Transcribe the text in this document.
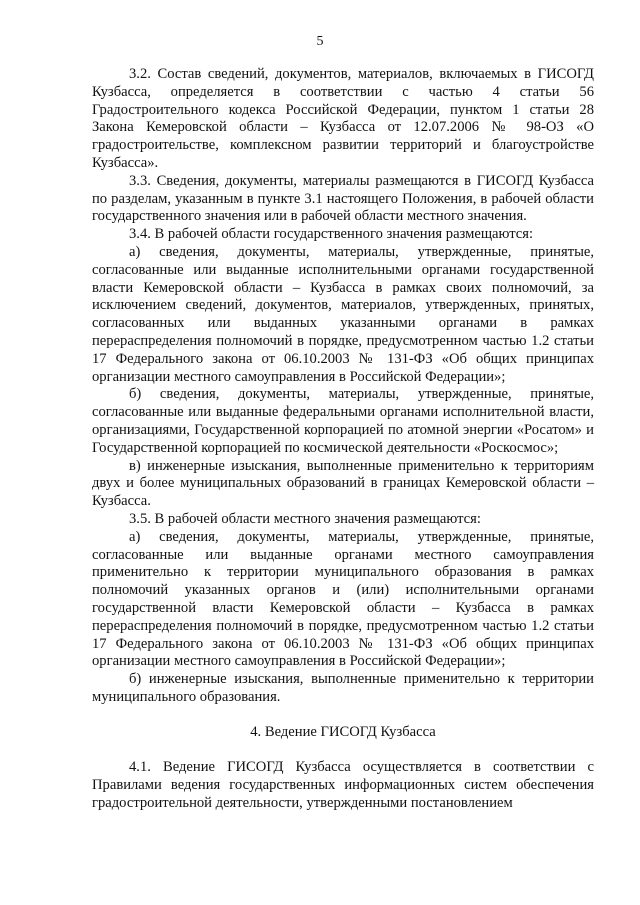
5

3.2. Состав сведений, документов, материалов, включаемых в ГИСОГД Кузбасса, определяется в соответствии с частью 4 статьи 56 Градостроительного кодекса Российской Федерации, пунктом 1 статьи 28 Закона Кемеровской области – Кузбасса от 12.07.2006 № 98-ОЗ «О градостроительстве, комплексном развитии территорий и благоустройстве Кузбасса».

3.3. Сведения, документы, материалы размещаются в ГИСОГД Кузбасса по разделам, указанным в пункте 3.1 настоящего Положения, в рабочей области государственного значения или в рабочей области местного значения.

3.4. В рабочей области государственного значения размещаются:

а) сведения, документы, материалы, утвержденные, принятые, согласованные или выданные исполнительными органами государственной власти Кемеровской области – Кузбасса в рамках своих полномочий, за исключением сведений, документов, материалов, утвержденных, принятых, согласованных или выданных указанными органами в рамках перераспределения полномочий в порядке, предусмотренном частью 1.2 статьи 17 Федерального закона от 06.10.2003 № 131-ФЗ «Об общих принципах организации местного самоуправления в Российской Федерации»;

б) сведения, документы, материалы, утвержденные, принятые, согласованные или выданные федеральными органами исполнительной власти, организациями, Государственной корпорацией по атомной энергии «Росатом» и Государственной корпорацией по космической деятельности «Роскосмос»;

в) инженерные изыскания, выполненные применительно к территориям двух и более муниципальных образований в границах Кемеровской области – Кузбасса.

3.5. В рабочей области местного значения размещаются:

а) сведения, документы, материалы, утвержденные, принятые, согласованные или выданные органами местного самоуправления применительно к территории муниципального образования в рамках полномочий указанных органов и (или) исполнительными органами государственной власти Кемеровской области – Кузбасса в рамках перераспределения полномочий в порядке, предусмотренном частью 1.2 статьи 17 Федерального закона от 06.10.2003 № 131-ФЗ «Об общих принципах организации местного самоуправления в Российской Федерации»;

б) инженерные изыскания, выполненные применительно к территории муниципального образования.

4. Ведение ГИСОГД Кузбасса

4.1. Ведение ГИСОГД Кузбасса осуществляется в соответствии с Правилами ведения государственных информационных систем обеспечения градостроительной деятельности, утвержденными постановлением
